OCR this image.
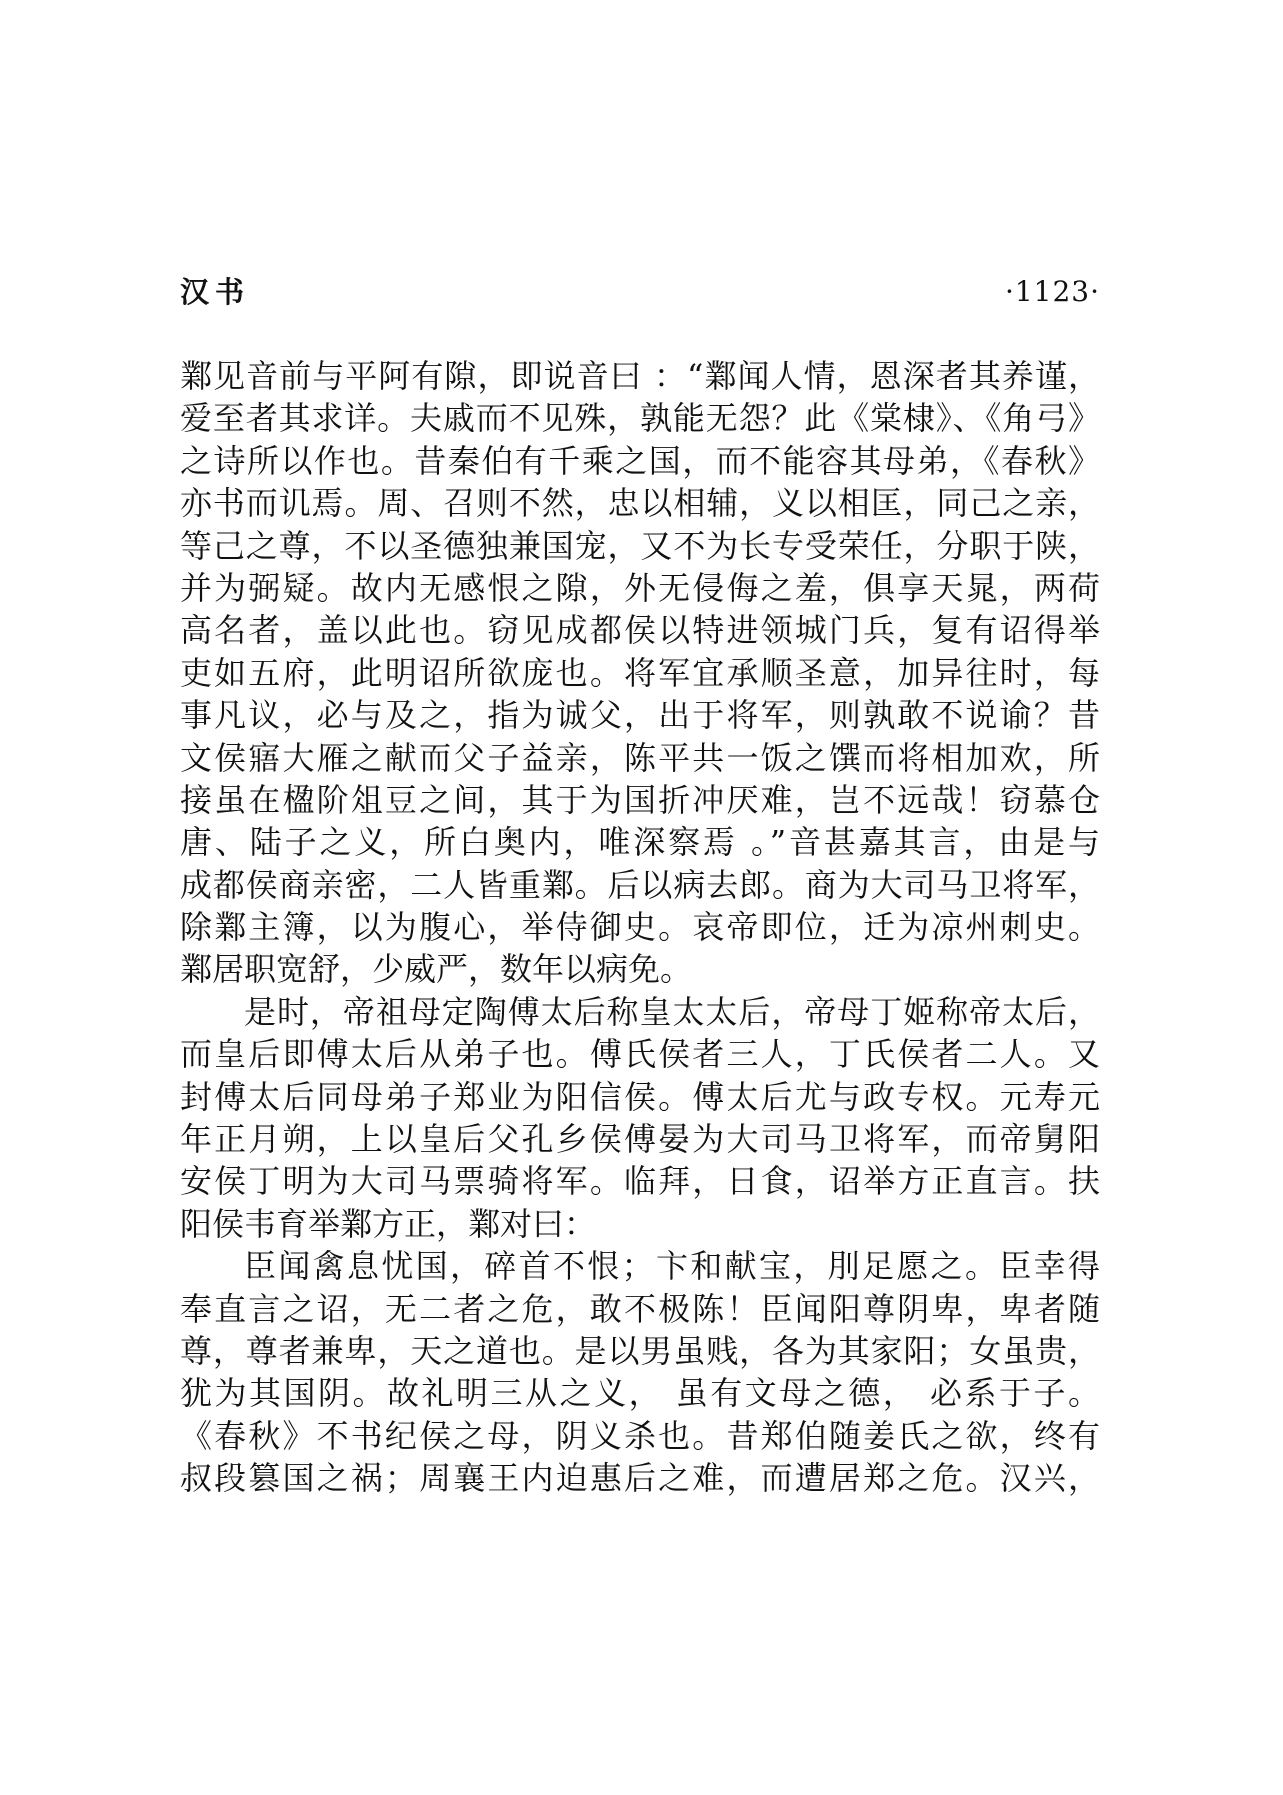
汉书	·1123·
鄴见音前与平阿有隙，即说音曰 ：“鄴闻人情，恩深者其养谨，
爱至者其求详。夫戚而不见殊，孰能无怨？此《棠棣》、《角弓》
之诗所以作也。昔秦伯有千乘之国，而不能容其母弟，《春秋》
亦书而讥焉。周、召则不然，忠以相辅，义以相匡，同己之亲，
等己之尊，不以圣德独兼国宠，又不为长专受荣任，分职于陕，
并为弼疑。故内无感恨之隙，外无侵侮之羞，俱享天晁，两荷
高名者，盖以此也。窃见成都侯以特进领城门兵，复有诏得举
吏如五府，此明诏所欲庞也。将军宜承顺圣意，加异往时，每
事凡议，必与及之，指为诚父，出于将军，则孰敢不说谕？昔
文侯寤大雁之献而父子益亲，陈平共一饭之馔而将相加欢，所
接虽在楹阶俎豆之间，其于为国折冲厌难，岂不远哉！窃慕仓
唐、陆子之义，所白奥内，唯深察焉 。”音甚嘉其言，由是与
成都侯商亲密，二人皆重鄴。后以病去郎。商为大司马卫将军，
除鄴主簿，以为腹心，举侍御史。哀帝即位，迁为凉州刺史。
鄴居职宽舒，少威严，数年以病免。
是时，帝祖母定陶傅太后称皇太太后，帝母丁姬称帝太后，
而皇后即傅太后从弟子也。傅氏侯者三人，丁氏侯者二人。又
封傅太后同母弟子郑业为阳信侯。傅太后尤与政专权。元寿元
年正月朔，上以皇后父孔乡侯傅晏为大司马卫将军，而帝舅阳
安侯丁明为大司马票骑将军。临拜，日食，诏举方正直言。扶
阳侯韦育举鄴方正，鄴对曰：
臣闻禽息忧国，碎首不恨；卞和献宝，刖足愿之。臣幸得
奉直言之诏，无二者之危，敢不极陈！臣闻阳尊阴卑，卑者随
尊，尊者兼卑，天之道也。是以男虽贱，各为其家阳；女虽贵，
犹为其国阴。故礼明三从之义， 虽有文母之德， 必系于子。
《春秋》不书纪侯之母，阴义杀也。昔郑伯随姜氏之欲，终有
叔段篡国之祸；周襄王内迫惠后之难，而遭居郑之危。汉兴，
